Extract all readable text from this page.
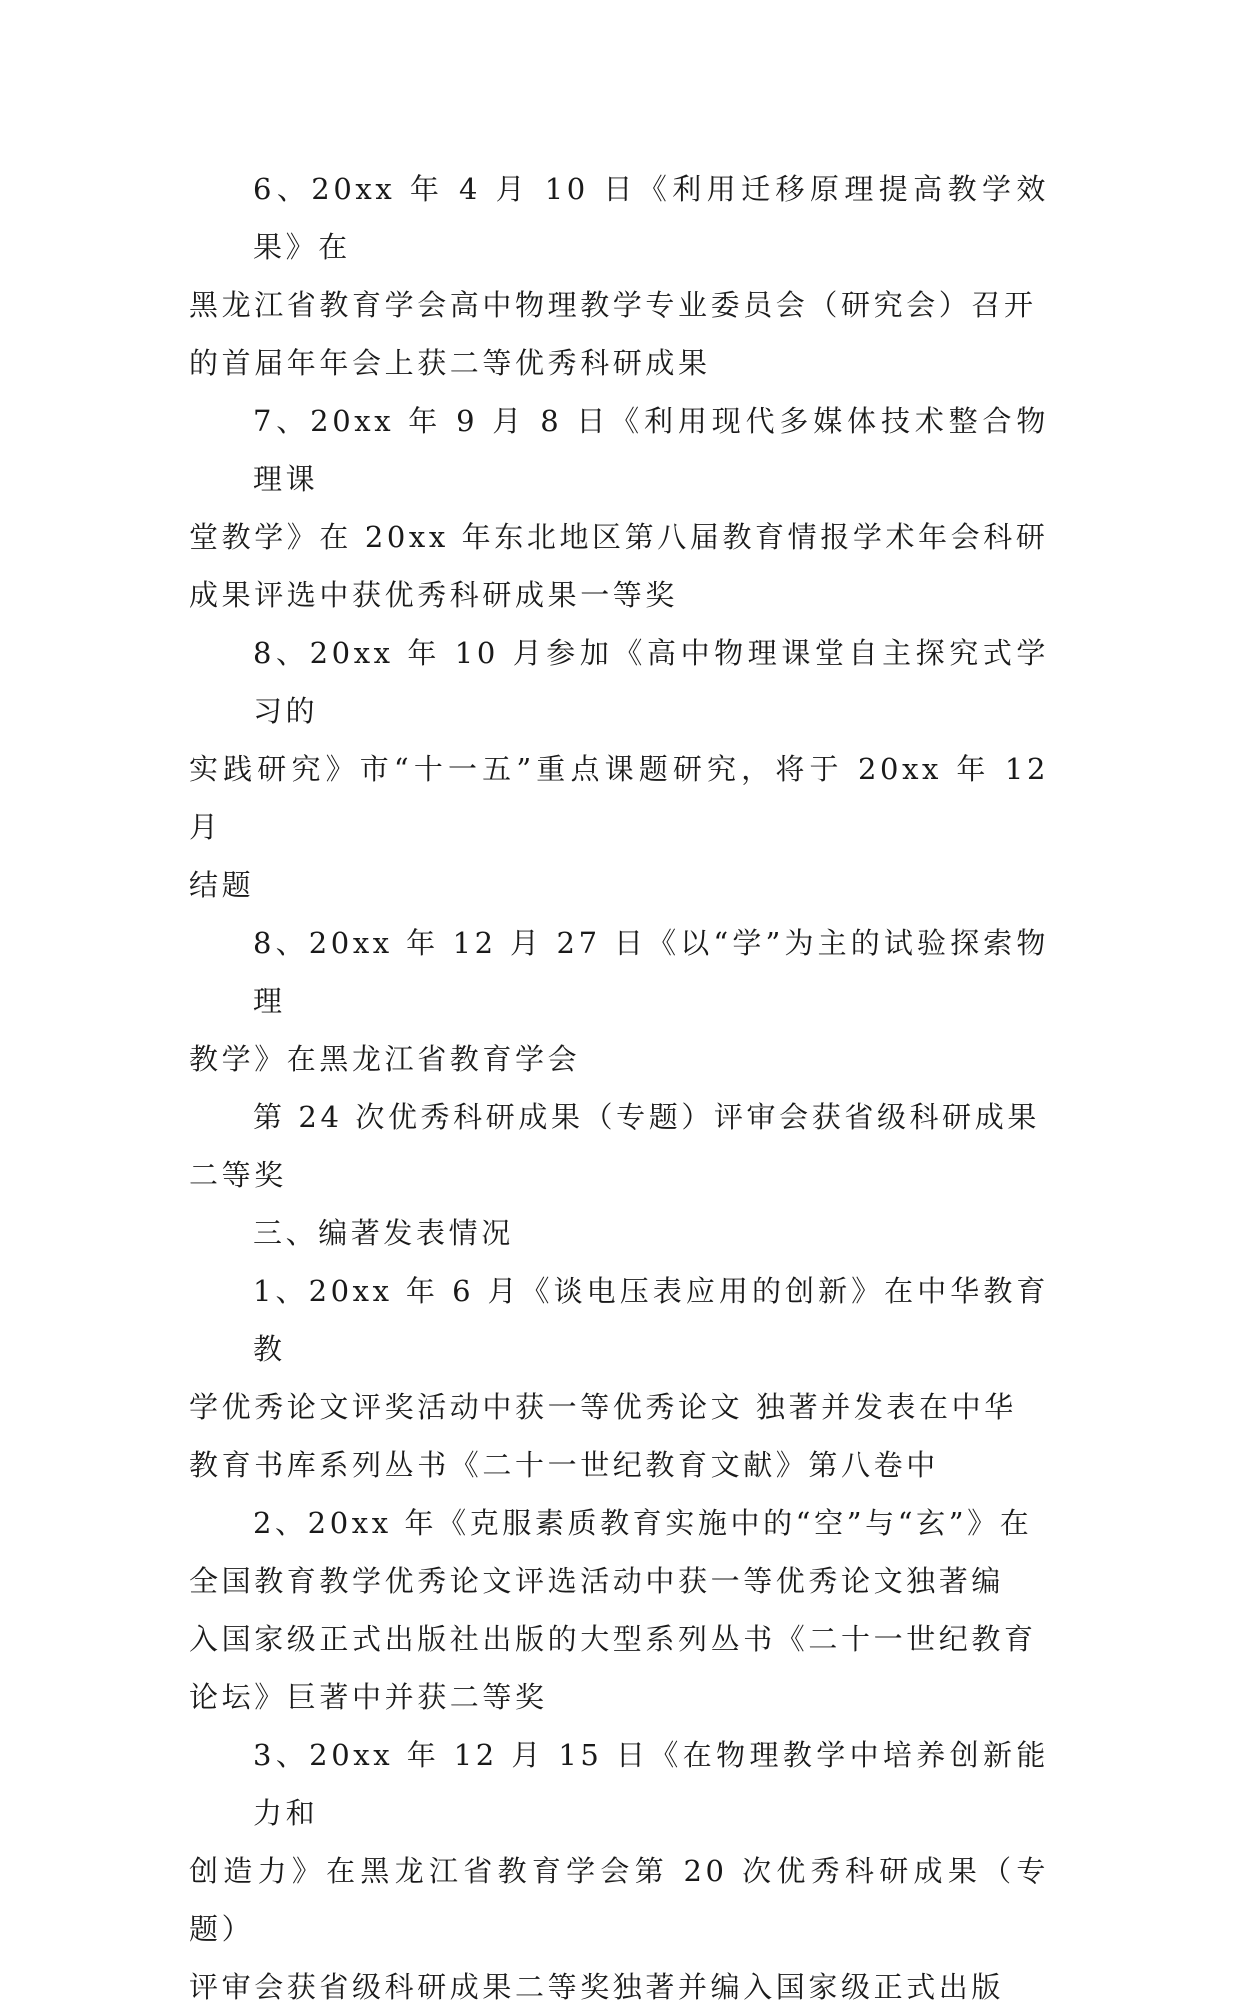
6、20xx 年 4 月 10 日《利用迁移原理提高教学效果》在
黑龙江省教育学会高中物理教学专业委员会（研究会）召开
的首届年年会上获二等优秀科研成果

7、20xx 年 9 月 8 日《利用现代多媒体技术整合物理课
堂教学》在 20xx 年东北地区第八届教育情报学术年会科研
成果评选中获优秀科研成果一等奖

8、20xx 年 10 月参加《高中物理课堂自主探究式学习的
实践研究》市“十一五”重点课题研究，将于 20xx 年 12 月
结题

8、20xx 年 12 月 27 日《以“学”为主的试验探索物理
教学》在黑龙江省教育学会

第 24 次优秀科研成果（专题）评审会获省级科研成果
二等奖

三、编著发表情况

1、20xx 年 6 月《谈电压表应用的创新》在中华教育教
学优秀论文评奖活动中获一等优秀论文 独著并发表在中华
教育书库系列丛书《二十一世纪教育文献》第八卷中

2、20xx 年《克服素质教育实施中的“空”与“玄”》在
全国教育教学优秀论文评选活动中获一等优秀论文独著编
入国家级正式出版社出版的大型系列丛书《二十一世纪教育
论坛》巨著中并获二等奖

3、20xx 年 12 月 15 日《在物理教学中培养创新能力和
创造力》在黑龙江省教育学会第 20 次优秀科研成果（专题）
评审会获省级科研成果二等奖独著并编入国家级正式出版
